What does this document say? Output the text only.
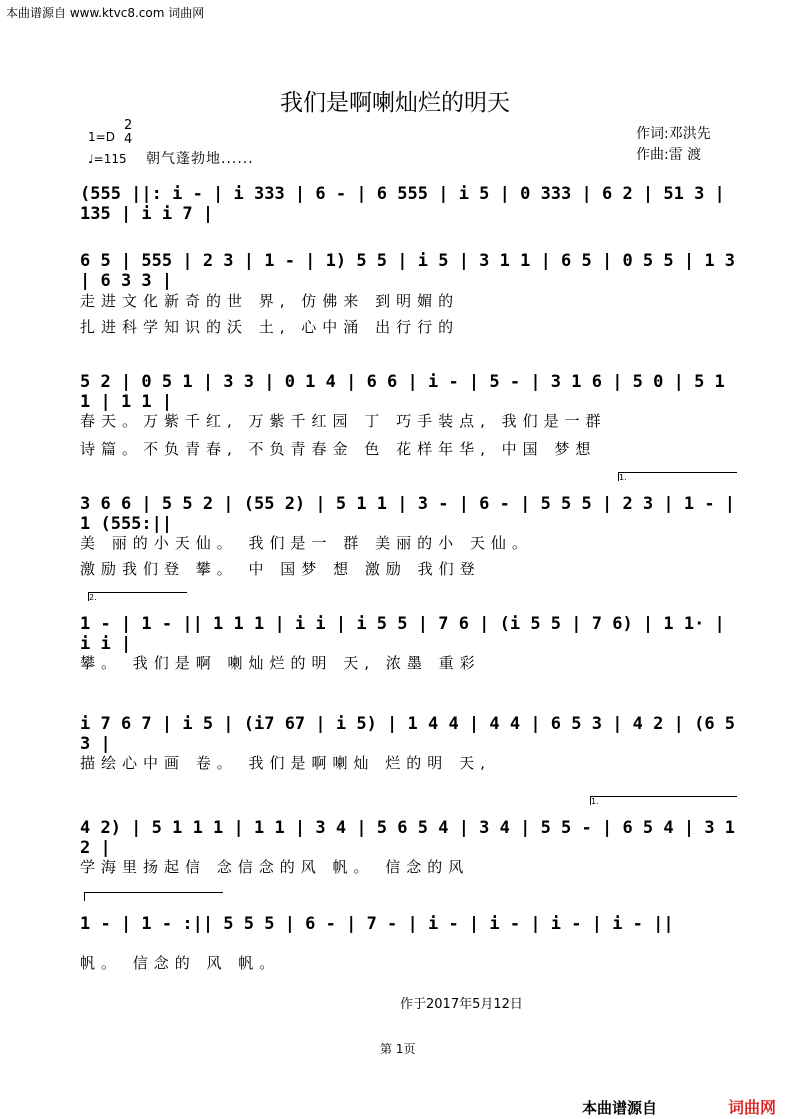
本曲谱源自 www.ktvc8.com 词曲网
我们是啊喇灿烂的明天
作词:邓洪先
作曲:雷 渡
1=D
2
4
♩=115 朝气蓬勃地......
(555 ||: i - | i 333 | 6 - | 6 555 | i 5 | 0 333 | 6 2 | 51 3 | 135 | i i 7 |
6 5 | 555 | 2 3 | 1 - | 1) 5 5 | i 5 | 3 1 1 | 6 5 | 0 5 5 | 1 3 | 6 3 3 |
走进文化新奇的世 界, 仿佛来 到明媚的
扎进科学知识的沃 土, 心中涌 出行行的
5 2 | 0 5 1 | 3 3 | 0 1 4 | 6 6 | i - | 5 - | 3 1 6 | 5 0 | 5 1 1 | 1 1 |
春天。万紫千红, 万紫千红园 丁 巧手装点, 我们是一群
诗篇。不负青春, 不负青春金 色 花样年华, 中国 梦想
1.
3 6 6 | 5 5 2 | (55 2) | 5 1 1 | 3 - | 6 - | 5 5 5 | 2 3 | 1 - | 1 (555:||
美 丽的小天仙。 我们是一 群 美丽的小 天仙。
激励我们登 攀。 中 国梦 想 激励 我们登
2.
1 - | 1 - || 1 1 1 | i i | i 5 5 | 7 6 | (i 5 5 | 7 6) | 1 1· | i i |
攀。 我们是啊 喇灿烂的明 天, 浓墨 重彩
i 7 6 7 | i 5 | (i7 67 | i 5) | 1 4 4 | 4 4 | 6 5 3 | 4 2 | (6 5 3 |
描绘心中画 卷。 我们是啊喇灿 烂的明 天,
1.
4 2) | 5 1 1 1 | 1 1 | 3 4 | 5 6 5 4 | 3 4 | 5 5 - | 6 5 4 | 3 1 2 |
学海里扬起信 念信念的风 帆。 信念的风
1 - | 1 - :|| 5 5 5 | 6 - | 7 - | i - | i - | i - | i - ||
帆。 信念的 风 帆。
作于2017年5月12日
第 1页
本曲谱源自	词曲网
